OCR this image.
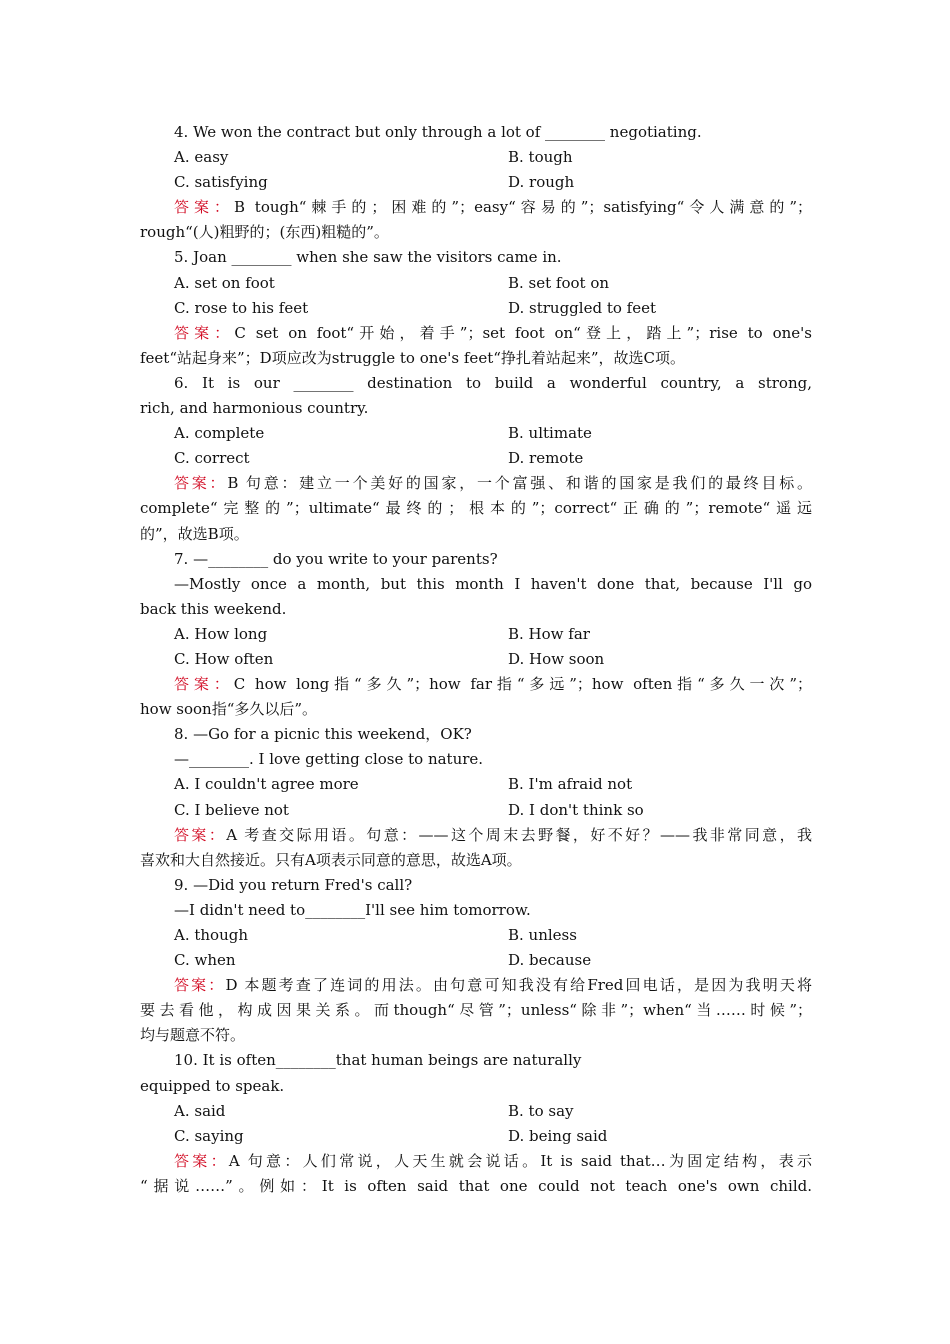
4. We won the contract but only through a lot of ________ negotiating.
A. easy	B. tough
C. satisfying	D. rough
答案：B tough“棘手的；困难的”；easy“容易的”；satisfying“令人满意的”；
rough“(人)粗野的；(东西)粗糙的”。
5. Joan ________ when she saw the visitors came in.
A. set on foot	B. set foot on
C. rose to his feet	D. struggled to feet
答案：C set on foot“开始，着手”；set foot on“登上，踏上”；rise to one's
feet“站起身来”；D项应改为struggle to one's feet“挣扎着站起来”，故选C项。
6. It is our ________ destination to build a wonderful country, a strong,
rich, and harmonious country.
A. complete	B. ultimate
C. correct	D. remote
答案：B 句意：建立一个美好的国家，一个富强、和谐的国家是我们的最终目标。
complete“完整的”；ultimate“最终的；根本的”；correct“正确的”；remote“遥远
的”，故选B项。
7. —________ do you write to your parents?
—Mostly once a month, but this month I haven't done that, because I'll go
back this weekend.
A. How long	B. How far
C. How often	D. How soon
答案：C how long指“多久”；how far指“多远”；how often指“多久一次”；
how soon指“多久以后”。
8. —Go for a picnic this weekend，OK?
—________. I love getting close to nature.
A. I couldn't agree more	B. I'm afraid not
C. I believe not	D. I don't think so
答案：A 考查交际用语。句意：——这个周末去野餐，好不好？——我非常同意，我
喜欢和大自然接近。只有A项表示同意的意思，故选A项。
9. —Did you return Fred's call?
—I didn't need to________I'll see him tomorrow.
A. though	B. unless
C. when	D. because
答案：D 本题考查了连词的用法。由句意可知我没有给Fred回电话，是因为我明天将
要去看他，构成因果关系。而though“尽管”；unless“除非”；when“当……时候”；
均与题意不符。
10. It is often________that human beings are naturally
equipped to speak.
A. said	B. to say
C. saying	D. being said
答案：A 句意：人们常说，人天生就会说话。It is said that…为固定结构，表示
“据说……”。例如：It is often said that one could not teach one's own child.
